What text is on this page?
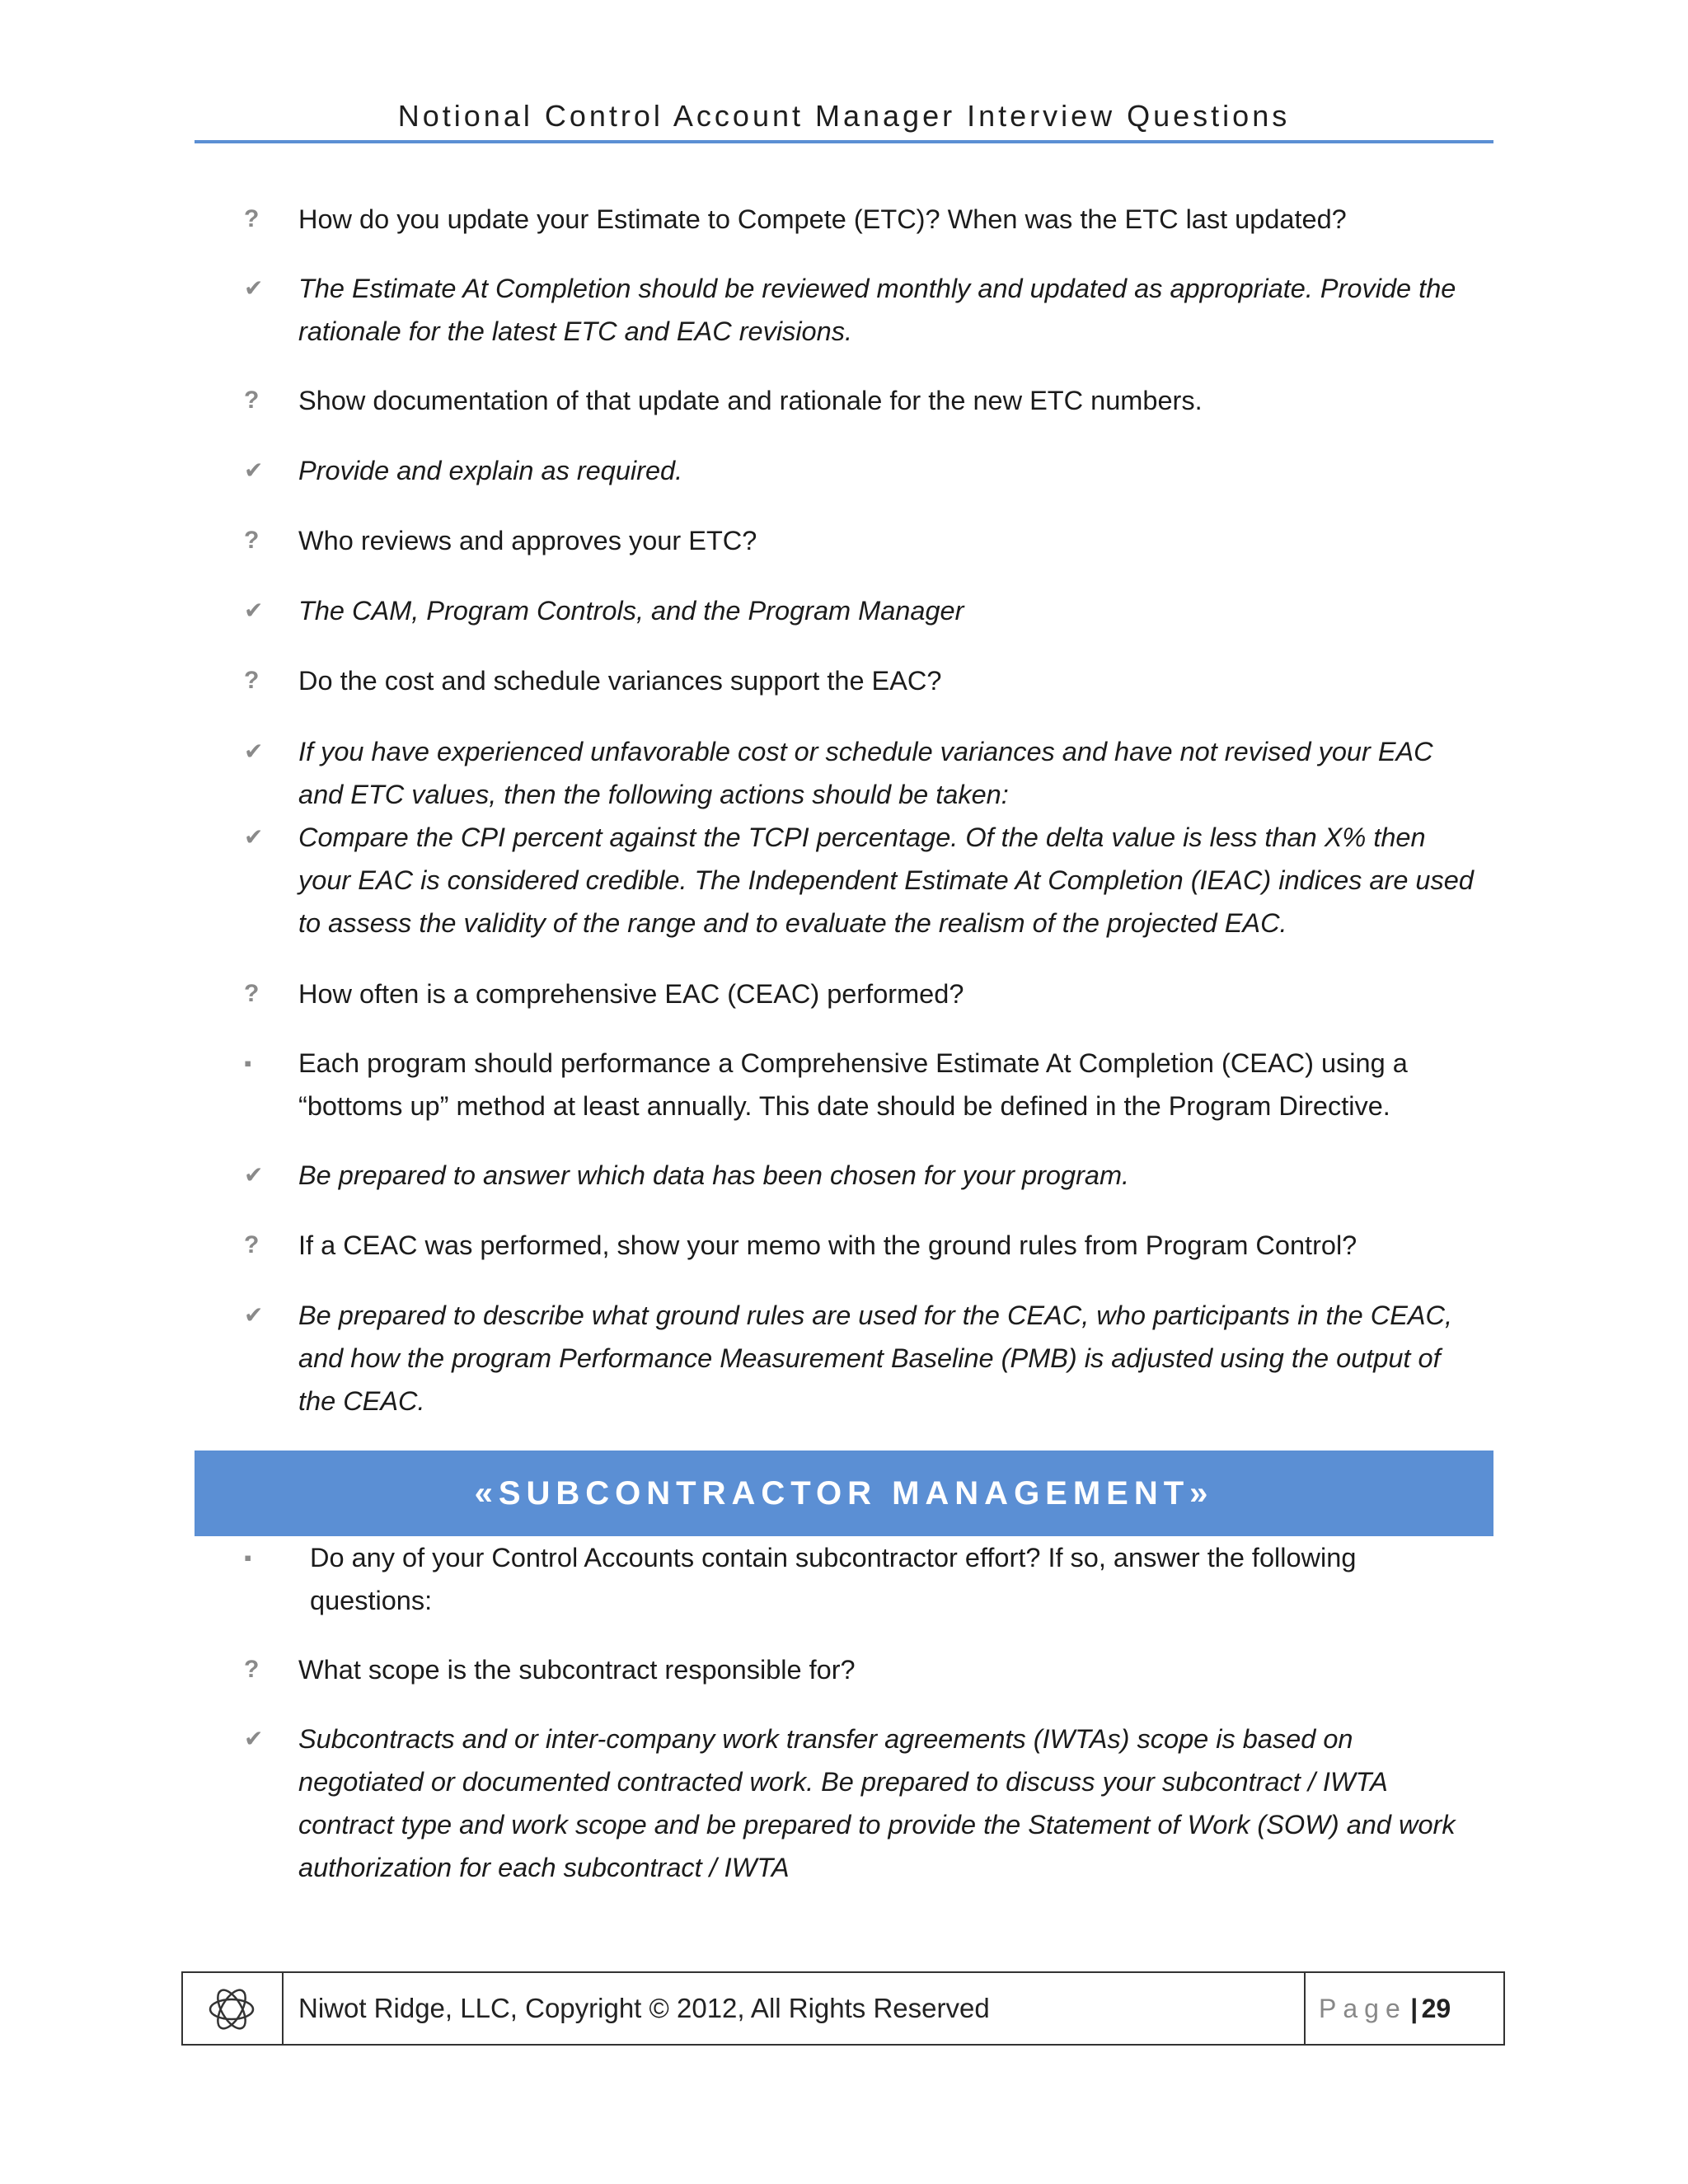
Notional Control Account Manager Interview Questions
?	How do you update your Estimate to Compete (ETC)? When was the ETC last updated?
✔	The Estimate At Completion should be reviewed monthly and updated as appropriate. Provide the rationale for the latest ETC and EAC revisions.
?	Show documentation of that update and rationale for the new ETC numbers.
✔	Provide and explain as required.
?	Who reviews and approves your ETC?
✔	The CAM, Program Controls, and the Program Manager
?	Do the cost and schedule variances support the EAC?
✔	If you have experienced unfavorable cost or schedule variances and have not revised your EAC and ETC values, then the following actions should be taken:
✔	Compare the CPI percent against the TCPI percentage. Of the delta value is less than X% then your EAC is considered credible. The Independent Estimate At Completion (IEAC) indices are used to assess the validity of the range and to evaluate the realism of the projected EAC.
?	How often is a comprehensive EAC (CEAC) performed?
▪	Each program should performance a Comprehensive Estimate At Completion (CEAC) using a “bottoms up” method at least annually. This date should be defined in the Program Directive.
✔	Be prepared to answer which data has been chosen for your program.
?	If a CEAC was performed, show your memo with the ground rules from Program Control?
✔	Be prepared to describe what ground rules are used for the CEAC, who participants in the CEAC, and how the program Performance Measurement Baseline (PMB) is adjusted using the output of the CEAC.
«SUBCONTRACTOR MANAGEMENT»
▪	Do any of your Control Accounts contain subcontractor effort? If so, answer the following questions:
?	What scope is the subcontract responsible for?
✔	Subcontracts and or inter-company work transfer agreements (IWTAs) scope is based on negotiated or documented contracted work. Be prepared to discuss your subcontract / IWTA contract type and work scope and be prepared to provide the Statement of Work (SOW) and work authorization for each subcontract / IWTA
Niwot Ridge, LLC, Copyright © 2012, All Rights Reserved	Page | 29
